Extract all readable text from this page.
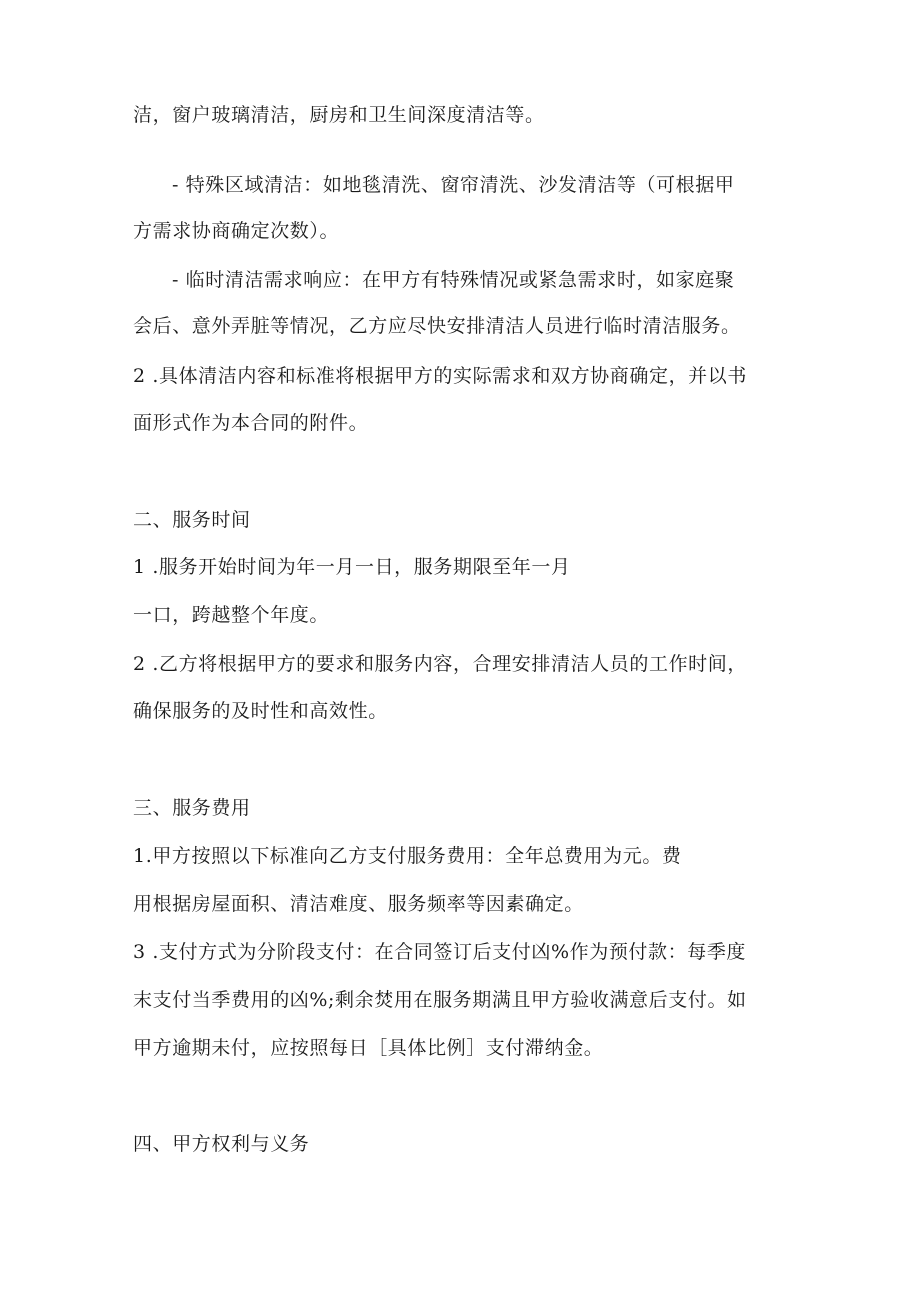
洁，窗户玻璃清洁，厨房和卫生间深度清洁等。
- 特殊区域清洁：如地毯清洗、窗帘清洗、沙发清洁等（可根据甲
方需求协商确定次数）。
- 临时清洁需求响应：在甲方有特殊情况或紧急需求时，如家庭聚
会后、意外弄脏等情况，乙方应尽快安排清洁人员进行临时清洁服务。
2 .具体清洁内容和标准将根据甲方的实际需求和双方协商确定，并以书
面形式作为本合同的附件。
二、服务时间
1 .服务开始时间为年一月一日，服务期限至年一月
一口，跨越整个年度。
2 .乙方将根据甲方的要求和服务内容，合理安排清洁人员的工作时间，
确保服务的及时性和高效性。
三、服务费用
1.甲方按照以下标准向乙方支付服务费用：全年总费用为元。费
用根据房屋面积、清洁难度、服务频率等因素确定。
3 .支付方式为分阶段支付：在合同签订后支付凶%作为预付款：每季度
末支付当季费用的凶%;剩余焚用在服务期满且甲方验收满意后支付。如
甲方逾期未付，应按照每日［具体比例］支付滞纳金。
四、甲方权利与义务
